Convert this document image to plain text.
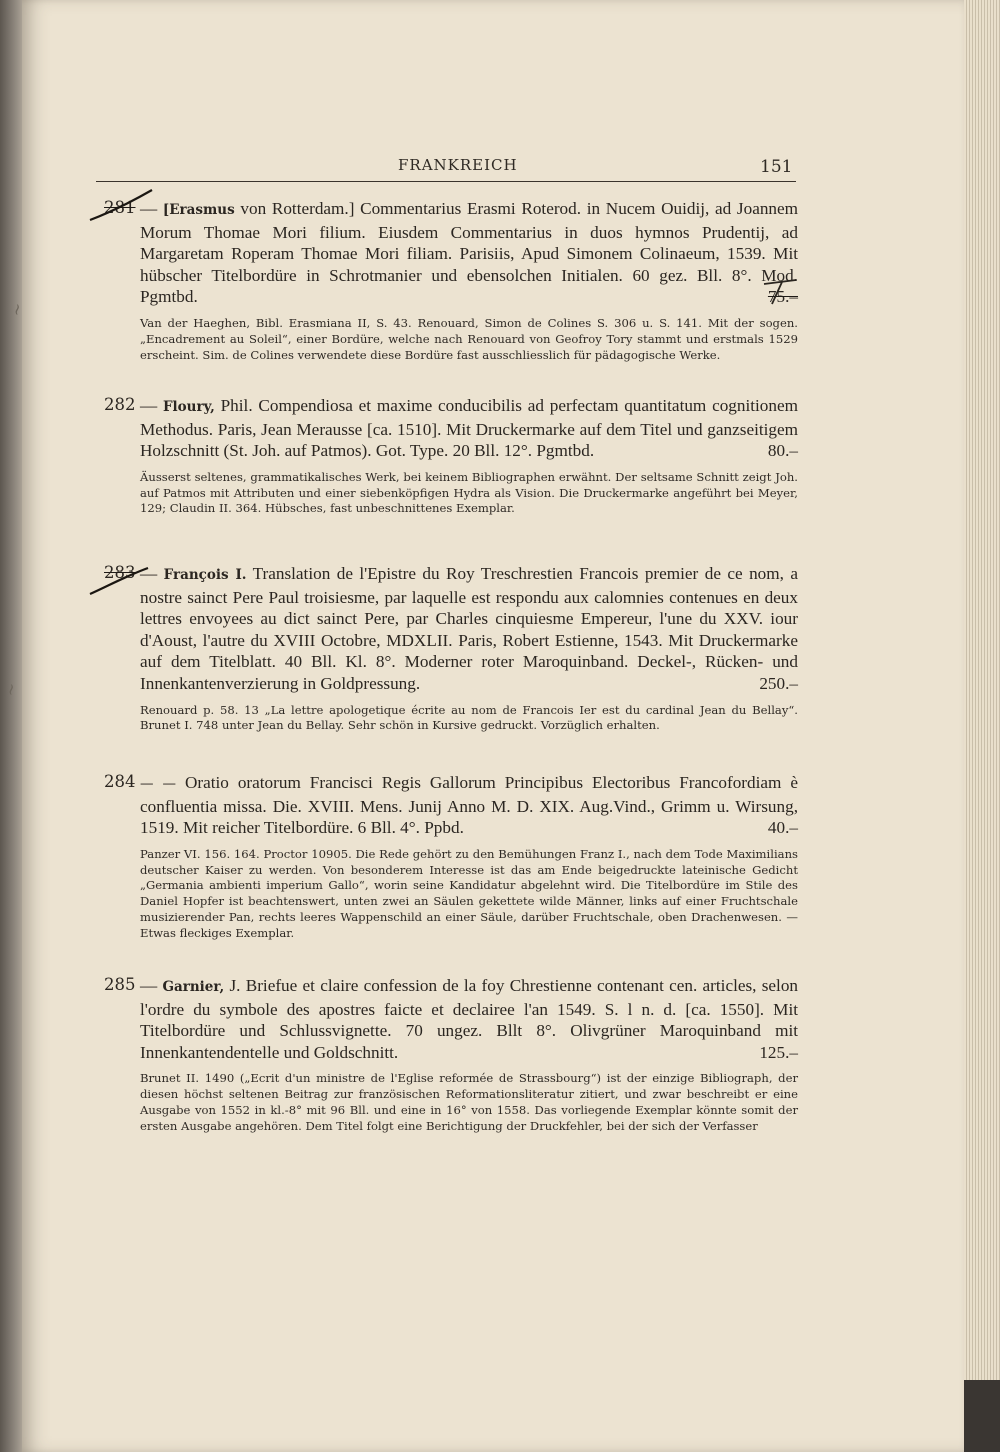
~
~
FRANKREICH	151
281 — [Erasmus von Rotterdam.] Commentarius Erasmi Roterod. in Nucem Ouidij, ad Joannem Morum Thomae Mori filium. Eiusdem Commentarius in duos hymnos Prudentij, ad Margaretam Roperam Thomae Mori filiam. Parisiis, Apud Simonem Colinaeum, 1539. Mit hübscher Titelbordüre in Schrotmanier und ebensolchen Initialen. 60 gez. Bll. 8°. Mod. Pgmtbd.	75.–
Van der Haeghen, Bibl. Erasmiana II, S. 43. Renouard, Simon de Colines S. 306 u. S. 141. Mit der sogen. „Encadrement au Soleil“, einer Bordüre, welche nach Renouard von Geofroy Tory stammt und erstmals 1529 erscheint. Sim. de Colines verwendete diese Bordüre fast ausschliesslich für pädagogische Werke.
282 — Floury, Phil. Compendiosa et maxime conducibilis ad perfectam quantitatum cognitionem Methodus. Paris, Jean Merausse [ca. 1510]. Mit Druckermarke auf dem Titel und ganzseitigem Holzschnitt (St. Joh. auf Patmos). Got. Type. 20 Bll. 12°. Pgmtbd.	80.–
Äusserst seltenes, grammatikalisches Werk, bei keinem Bibliographen erwähnt. Der seltsame Schnitt zeigt Joh. auf Patmos mit Attributen und einer siebenköpfigen Hydra als Vision. Die Druckermarke angeführt bei Meyer, 129; Claudin II. 364. Hübsches, fast unbeschnittenes Exemplar.
283 — François I. Translation de l'Epistre du Roy Treschrestien Francois premier de ce nom, a nostre sainct Pere Paul troisiesme, par laquelle est respondu aux calomnies contenues en deux lettres envoyees au dict sainct Pere, par Charles cinquiesme Empereur, l'une du XXV. iour d'Aoust, l'autre du XVIII Octobre, MDXLII. Paris, Robert Estienne, 1543. Mit Druckermarke auf dem Titelblatt. 40 Bll. Kl. 8°. Moderner roter Maroquinband. Deckel-, Rücken- und Innenkantenverzierung in Goldpressung.	250.–
Renouard p. 58. 13 „La lettre apologetique écrite au nom de Francois Ier est du cardinal Jean du Bellay“. Brunet I. 748 unter Jean du Bellay. Sehr schön in Kursive gedruckt. Vorzüglich erhalten.
284 — — Oratio oratorum Francisci Regis Gallorum Principibus Electoribus Francofordiam è confluentia missa. Die. XVIII. Mens. Junij Anno M. D. XIX. Aug.Vind., Grimm u. Wirsung, 1519. Mit reicher Titelbordüre. 6 Bll. 4°. Ppbd.	40.–
Panzer VI. 156. 164. Proctor 10905. Die Rede gehört zu den Bemühungen Franz I., nach dem Tode Maximilians deutscher Kaiser zu werden. Von besonderem Interesse ist das am Ende beigedruckte lateinische Gedicht „Germania ambienti imperium Gallo“, worin seine Kandidatur abgelehnt wird. Die Titelbordüre im Stile des Daniel Hopfer ist beachtenswert, unten zwei an Säulen gekettete wilde Männer, links auf einer Fruchtschale musizierender Pan, rechts leeres Wappenschild an einer Säule, darüber Fruchtschale, oben Drachenwesen. — Etwas fleckiges Exemplar.
285 — Garnier, J. Briefue et claire confession de la foy Chrestienne contenant cen. articles, selon l'ordre du symbole des apostres faicte et declairee l'an 1549. S. l n. d. [ca. 1550]. Mit Titelbordüre und Schlussvignette. 70 ungez. Bllt 8°. Olivgrüner Maroquinband mit Innenkantendentelle und Goldschnitt.	125.–
Brunet II. 1490 („Ecrit d'un ministre de l'Eglise reformée de Strassbourg“) ist der einzige Bibliograph, der diesen höchst seltenen Beitrag zur französischen Reformationsliteratur zitiert, und zwar beschreibt er eine Ausgabe von 1552 in kl.-8° mit 96 Bll. und eine in 16° von 1558. Das vorliegende Exemplar könnte somit der ersten Ausgabe angehören. Dem Titel folgt eine Berichtigung der Druckfehler, bei der sich der Verfasser
